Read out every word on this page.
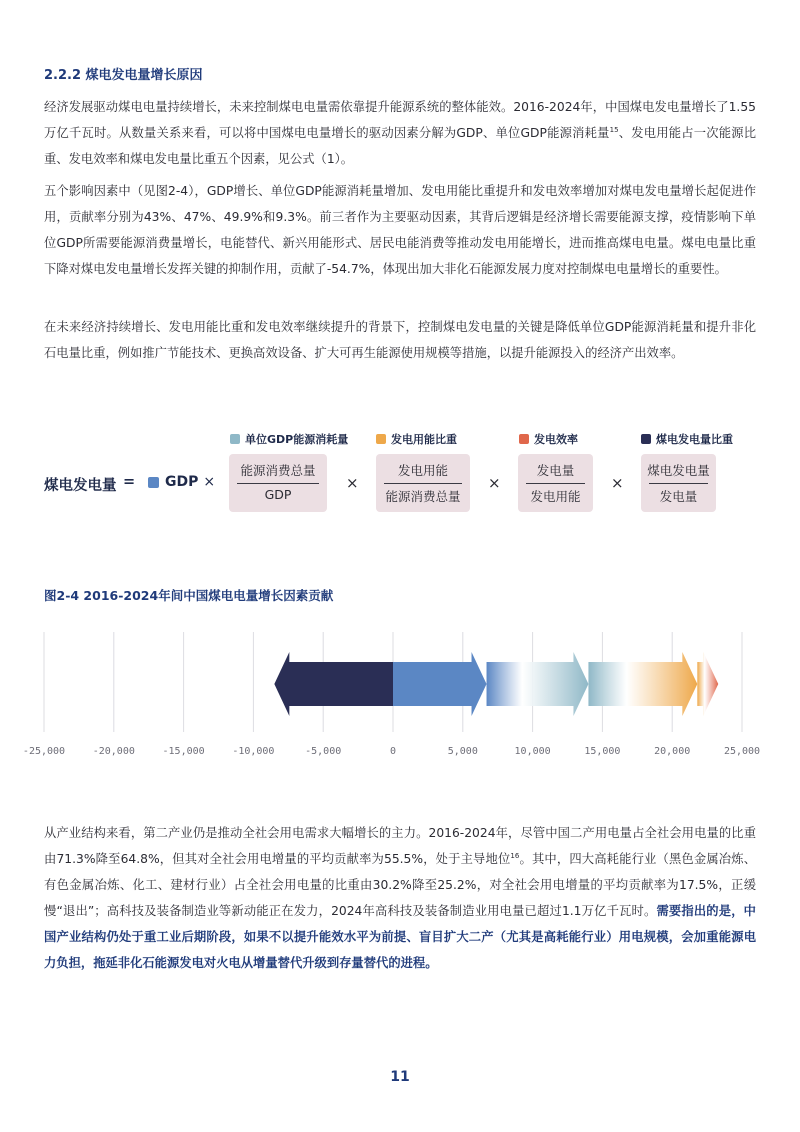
2.2.2 煤电发电量增长原因

经济发展驱动煤电电量持续增长，未来控制煤电电量需依靠提升能源系统的整体能效。2016-2024年，中国煤电发电量增长了1.55万亿千瓦时。从数量关系来看，可以将中国煤电电量增长的驱动因素分解为GDP、单位GDP能源消耗量$^{15}$、发电用能占一次能源比重、发电效率和煤电发电量比重五个因素，见公式（1）。

五个影响因素中（见图2-4），GDP增长、单位GDP能源消耗量增加、发电用能比重提升和发电效率增加对煤电发电量增长起促进作用，贡献率分别为43%、47%、49.9%和9.3%。前三者作为主要驱动因素，其背后逻辑是经济增长需要能源支撑，疫情影响下单位GDP所需要能源消费量增长，电能替代、新兴用能形式、居民电能消费等推动发电用能增长，进而推高煤电电量。煤电电量比重下降对煤电发电量增长发挥关键的抑制作用，贡献了-54.7%，体现出加大非化石能源发展力度对控制煤电电量增长的重要性。

在未来经济持续增长、发电用能比重和发电效率继续提升的背景下，控制煤电发电量的关键是降低单位GDP能源消耗量和提升非化石电量比重，例如推广节能技术、更换高效设备、扩大可再生能源使用规模等措施，以提升能源投入的经济产出效率。

单位GDP能源消耗量	发电用能比重	发电效率	煤电发电量比重
煤电发电量 = GDP ×
能源消费总量
GDP
×
发电用能
能源消费总量
×
发电量
发电用能
×
煤电发电量
发电量
图2-4 2016-2024年间中国煤电电量增长因素贡献
-25,000	-20,000	-15,000	-10,000	-5,000	0	5,000	10,000	15,000	20,000	25,000

从产业结构来看，第二产业仍是推动全社会用电需求大幅增长的主力。2016-2024年，尽管中国二产用电量占全社会用电量的比重由71.3%降至64.8%，但其对全社会用电增量的平均贡献率为55.5%，处于主导地位$^{16}$。其中，四大高耗能行业（黑色金属冶炼、有色金属冶炼、化工、建材行业）占全社会用电量的比重由30.2%降至25.2%，对全社会用电增量的平均贡献率为17.5%，正缓慢“退出”；高科技及装备制造业等新动能正在发力，2024年高科技及装备制造业用电量已超过1.1万亿千瓦时。需要指出的是，中国产业结构仍处于重工业后期阶段，如果不以提升能效水平为前提、盲目扩大二产（尤其是高耗能行业）用电规模，会加重能源电力负担，拖延非化石能源发电对火电从增量替代升级到存量替代的进程。

11
